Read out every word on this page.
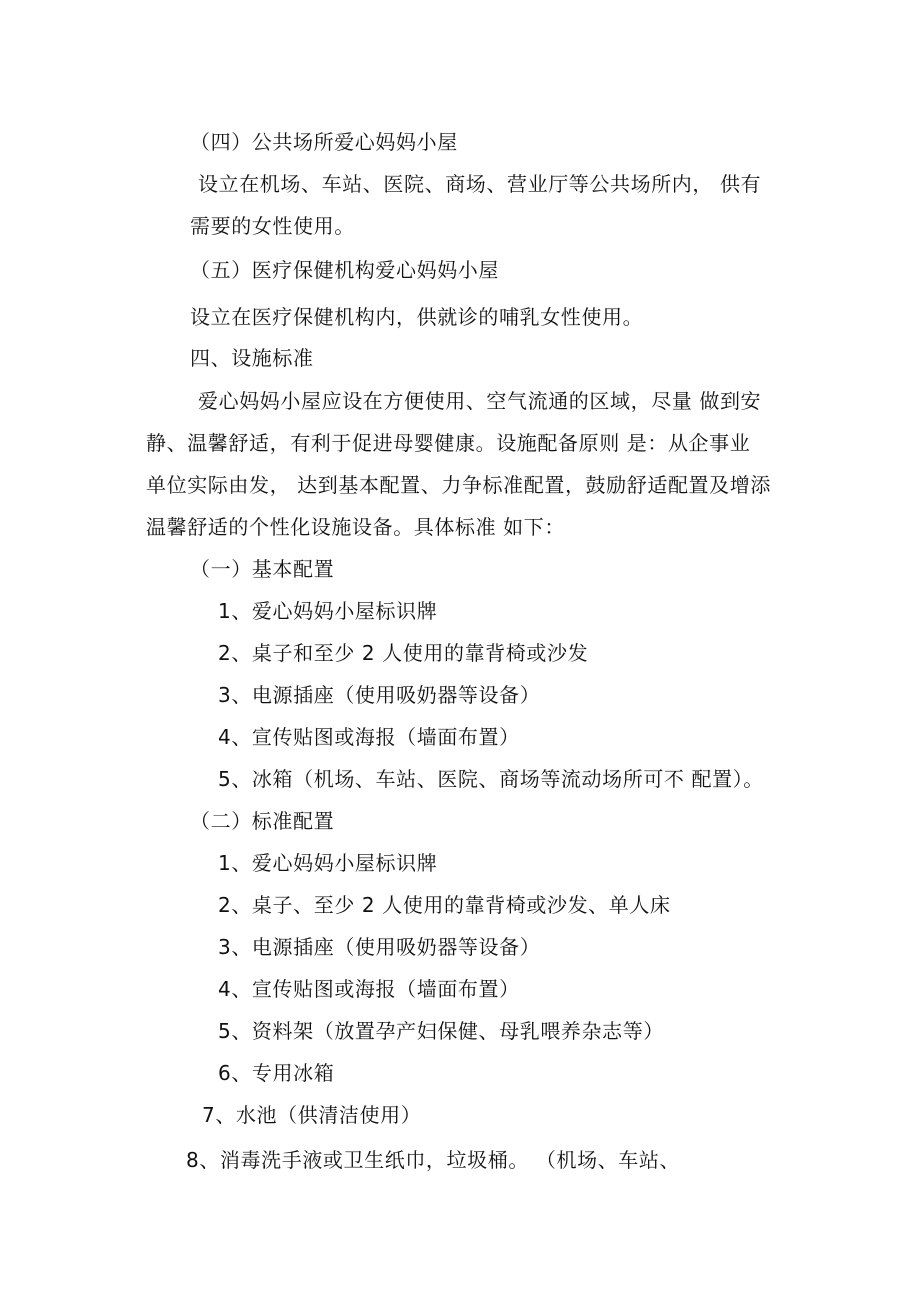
（四）公共场所爱心妈妈小屋
设立在机场、车站、医院、商场、营业厅等公共场所内， 供有
需要的女性使用。
（五）医疗保健机构爱心妈妈小屋
设立在医疗保健机构内，供就诊的哺乳女性使用。
四、设施标准
爱心妈妈小屋应设在方便使用、空气流通的区域，尽量 做到安
静、温馨舒适，有利于促进母婴健康。设施配备原则 是：从企事业
单位实际由发， 达到基本配置、力争标准配置，鼓励舒适配置及增添
温馨舒适的个性化设施设备。具体标准 如下：
（一）基本配置
1、爱心妈妈小屋标识牌
2、桌子和至少 2 人使用的靠背椅或沙发
3、电源插座（使用吸奶器等设备）
4、宣传贴图或海报（墙面布置）
5、冰箱（机场、车站、医院、商场等流动场所可不 配置）。
（二）标准配置
1、爱心妈妈小屋标识牌
2、桌子、至少 2 人使用的靠背椅或沙发、单人床
3、电源插座（使用吸奶器等设备）
4、宣传贴图或海报（墙面布置）
5、资料架（放置孕产妇保健、母乳喂养杂志等）
6、专用冰箱
7、水池（供清洁使用）
8、消毒洗手液或卫生纸巾，垃圾桶。 （机场、车站、
